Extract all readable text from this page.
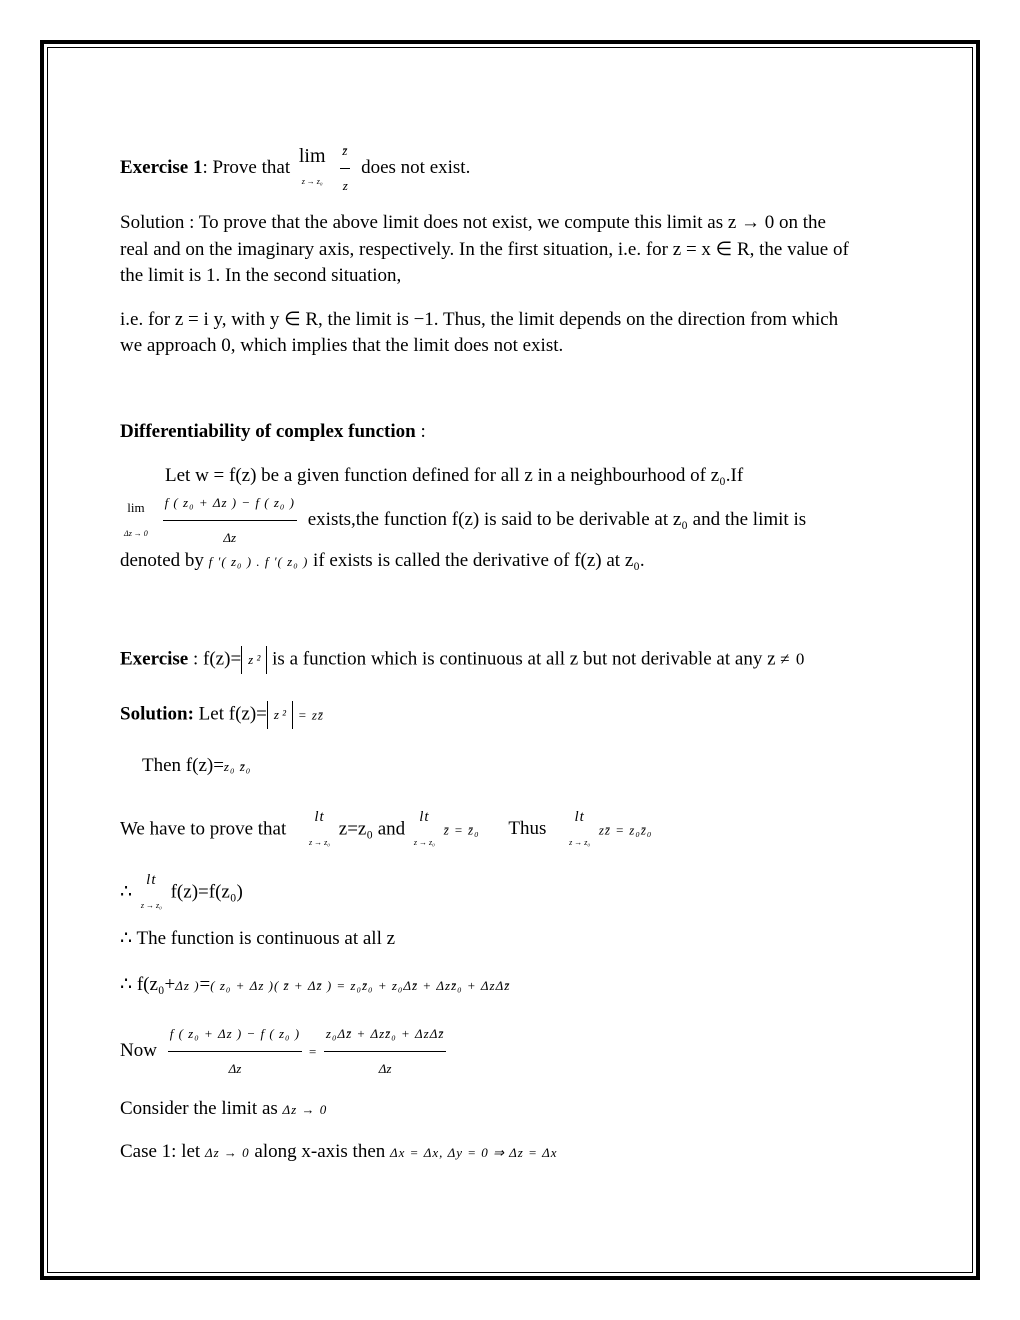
Exercise 1: Prove that
lim
z → z₀
$\frac{z̄}{z}$ does not exist.
Solution : To prove that the above limit does not exist, we compute this limit as z → 0 on the
real and on the imaginary axis, respectively. In the first situation, i.e. for z = x ∈ R, the value of
the limit is 1. In the second situation,
i.e. for z = i y, with y ∈ R, the limit is −1. Thus, the limit depends on the direction from which
we approach 0, which implies that the limit does not exist.
Differentiability of complex function :
Let w = f(z) be a given function defined for all z in a neighbourhood of z₀.If
lim
Δz → 0
$\frac{\text{f ( z₀ + Δz ) − f ( z₀ )}}{\Delta z}$ exists,the function f(z) is said to be derivable at z₀ and the limit is
denoted by f ′( z₀ ) . f ′( z₀ ) if exists is called the derivative of f(z) at z₀.
Exercise : f(z)= z ² is a function which is continuous at all z but not derivable at any z ≠ 0
Solution: Let f(z)= z ² = zz̄
Then f(z)=z₀ z̄₀
We have to prove that
lt
z → z₀
z=z₀ and
lt
z → z₀
z̄ = z̄₀ Thus
lt
z → z₀
zz̄ = z₀z̄₀
∴
lt
z → z₀
f(z)=f(z₀)
∴ The function is continuous at all z
∴ f(z₀+Δz )=( z₀ + Δz )( z̄ + Δz̄ ) = z₀z̄₀ + z₀Δz̄ + Δzz̄₀ + ΔzΔz̄
Now $\frac{\text{f ( z₀ + Δz ) − f ( z₀ )}}{\Delta z} = \frac{\text{z₀Δz̄ + Δzz̄₀ + ΔzΔz̄}}{\Delta z}$
Consider the limit as Δz → 0
Case 1: let Δz → 0 along x-axis then Δx = Δx, Δy = 0 ⇒ Δz = Δx
